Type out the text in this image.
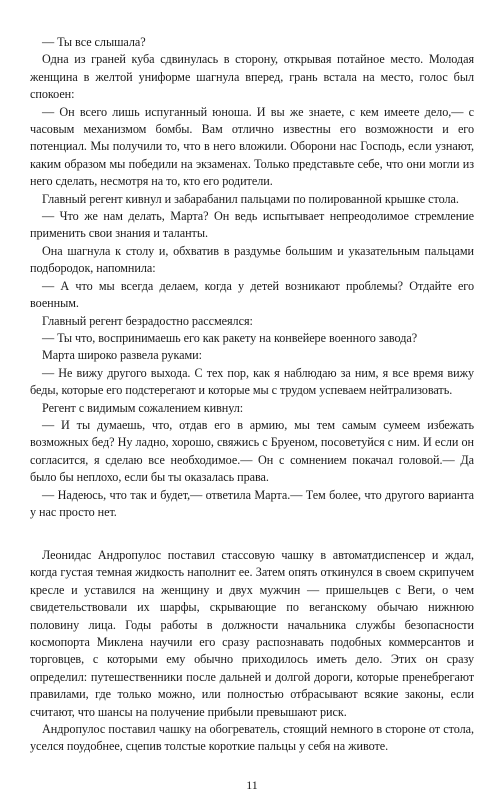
— Ты все слышала?

Одна из граней куба сдвинулась в сторону, открывая потайное место. Молодая женщина в желтой униформе шагнула вперед, грань встала на место, голос был спокоен:

— Он всего лишь испуганный юноша. И вы же знаете, с кем имеете дело,— с часовым механизмом бомбы. Вам отлично известны его возможности и его потенциал. Мы получили то, что в него вложили. Оборони нас Господь, если узнают, каким образом мы победили на экзаменах. Только представьте себе, что они могли из него сделать, несмотря на то, кто его родители.

Главный регент кивнул и забарабанил пальцами по полированной крышке стола.

— Что же нам делать, Марта? Он ведь испытывает непреодолимое стремление применить свои знания и таланты.

Она шагнула к столу и, обхватив в раздумье большим и указательным пальцами подбородок, напомнила:

— А что мы всегда делаем, когда у детей возникают проблемы? Отдайте его военным.

Главный регент безрадостно рассмеялся:

— Ты что, воспринимаешь его как ракету на конвейере военного завода?

Марта широко развела руками:

— Не вижу другого выхода. С тех пор, как я наблюдаю за ним, я все время вижу беды, которые его подстерегают и которые мы с трудом успеваем нейтрализовать.

Регент с видимым сожалением кивнул:

— И ты думаешь, что, отдав его в армию, мы тем самым сумеем избежать возможных бед? Ну ладно, хорошо, свяжись с Бруеном, посоветуйся с ним. И если он согласится, я сделаю все необходимое.— Он с сомнением покачал головой.— Да было бы неплохо, если бы ты оказалась права.

— Надеюсь, что так и будет,— ответила Марта.— Тем более, что другого варианта у нас просто нет.

Леонидас Андропулос поставил стассовую чашку в автоматдиспенсер и ждал, когда густая темная жидкость наполнит ее. Затем опять откинулся в своем скрипучем кресле и уставился на женщину и двух мужчин — пришельцев с Веги, о чем свидетельствовали их шарфы, скрывающие по веганскому обычаю нижнюю половину лица. Годы работы в должности начальника службы безопасности космопорта Миклена научили его сразу распознавать подобных коммерсантов и торговцев, с которыми ему обычно приходилось иметь дело. Этих он сразу определил: путешественники после дальней и долгой дороги, которые пренебрегают правилами, где только можно, или полностью отбрасывают всякие законы, если считают, что шансы на получение прибыли превышают риск.

Андропулос поставил чашку на обогреватель, стоящий немного в стороне от стола, уселся поудобнее, сцепив толстые короткие пальцы у себя на животе.

11
